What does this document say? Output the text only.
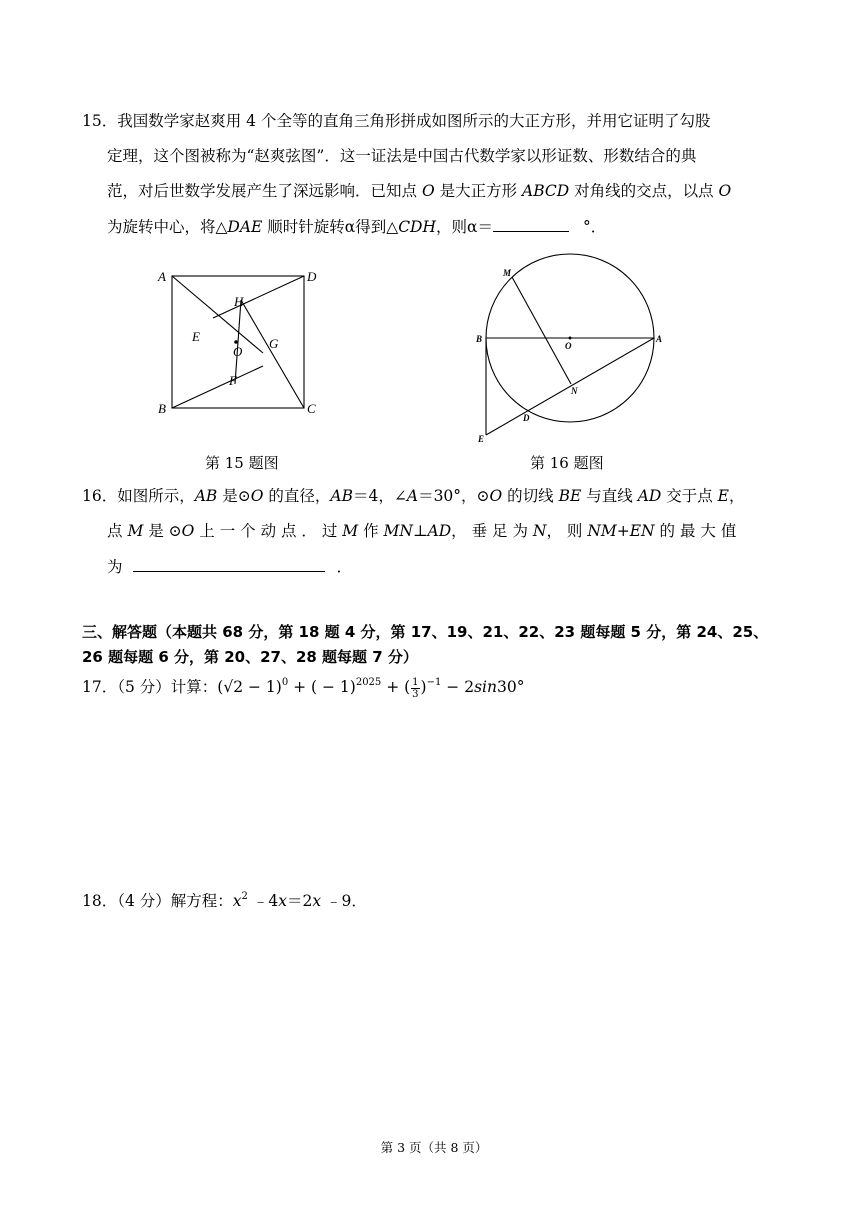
15．我国数学家赵爽用 4 个全等的直角三角形拼成如图所示的大正方形，并用它证明了勾股
定理，这个图被称为“赵爽弦图”．这一证法是中国古代数学家以形证数、形数结合的典
范，对后世数学发展产生了深远影响．已知点 O 是大正方形 ABCD 对角线的交点，以点 O
为旋转中心，将△DAE 顺时针旋转α得到△CDH，则α＝	°．
A	D
B	C
H
E
O
G
F
M
B
O
A
N
D
E
第 15 题图	第 16 题图
16．如图所示，AB 是⊙O 的直径，AB＝4，∠A＝30°，⊙O 的切线 BE 与直线 AD 交于点 E，
点 M 是 ⊙O 上 一 个 动 点 ． 过 M 作 MN⊥AD， 垂 足 为 N， 则 NM+EN 的 最 大 值
为	．
三、解答题（本题共 68 分，第 18 题 4 分，第 17、19、21、22、23 题每题 5 分，第 24、25、
26 题每题 6 分，第 20、27、28 题每题 7 分）
17．（5 分）计算：$(√2 - 1)^0$ + ( − 1)$^{2025}$ + ( $\frac{1}{3} )^{-1} - 2\sin 30^\circ$
18．（4 分）解方程：$x^2$ ﹣4x＝2x ﹣9．
第 3 页（共 8 页）
